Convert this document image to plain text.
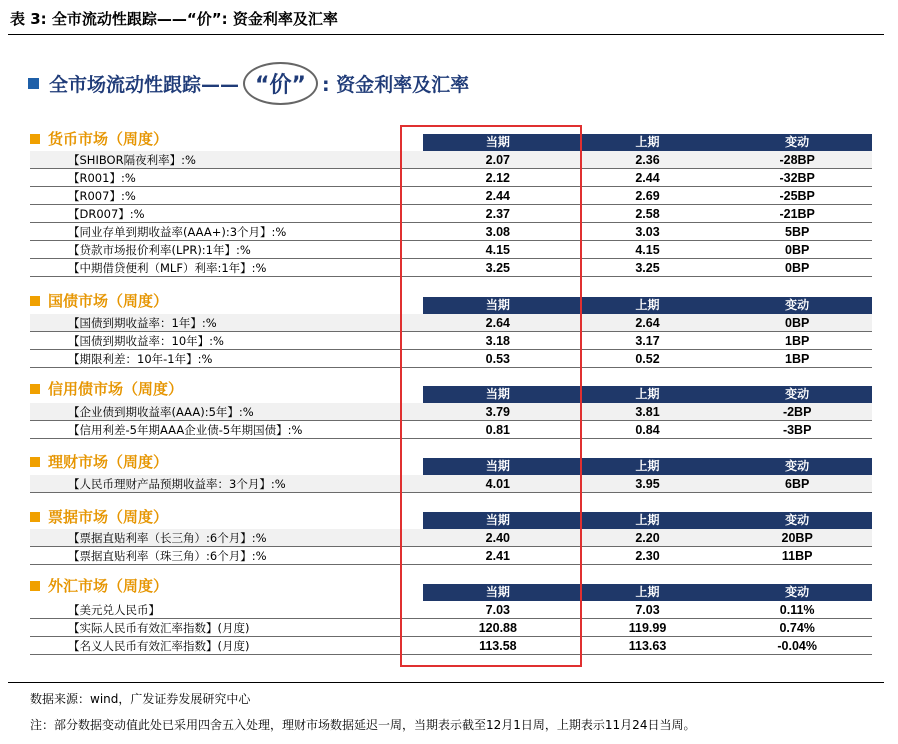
表 3: 全市流动性跟踪——“价”: 资金利率及汇率
全市场流动性跟踪—— “价” : 资金利率及汇率
货币市场（周度）	当期	上期	变动
【SHIBOR隔夜利率】:%	2.07	2.36	-28BP
【R001】:%	2.12	2.44	-32BP
【R007】:%	2.44	2.69	-25BP
【DR007】:%	2.37	2.58	-21BP
【同业存单到期收益率(AAA+):3个月】:%	3.08	3.03	5BP
【贷款市场报价利率(LPR):1年】:%	4.15	4.15	0BP
【中期借贷便利（MLF）利率:1年】:%	3.25	3.25	0BP
国债市场（周度）	当期	上期	变动
【国债到期收益率：1年】:%	2.64	2.64	0BP
【国债到期收益率：10年】:%	3.18	3.17	1BP
【期限利差：10年-1年】:%	0.53	0.52	1BP
信用债市场（周度）	当期	上期	变动
【企业债到期收益率(AAA):5年】:%	3.79	3.81	-2BP
【信用利差-5年期AAA企业债-5年期国债】:%	0.81	0.84	-3BP
理财市场（周度）	当期	上期	变动
【人民币理财产品预期收益率：3个月】:%	4.01	3.95	6BP
票据市场（周度）	当期	上期	变动
【票据直贴利率（长三角）:6个月】:%	2.40	2.20	20BP
【票据直贴利率（珠三角）:6个月】:%	2.41	2.30	11BP
外汇市场（周度）	当期	上期	变动
【美元兑人民币】	7.03	7.03	0.11%
【实际人民币有效汇率指数】(月度)	120.88	119.99	0.74%
【名义人民币有效汇率指数】(月度)	113.58	113.63	-0.04%
数据来源：wind，广发证券发展研究中心
注：部分数据变动值此处已采用四舍五入处理，理财市场数据延迟一周，当期表示截至12月1日周，上期表示11月24日当周。
